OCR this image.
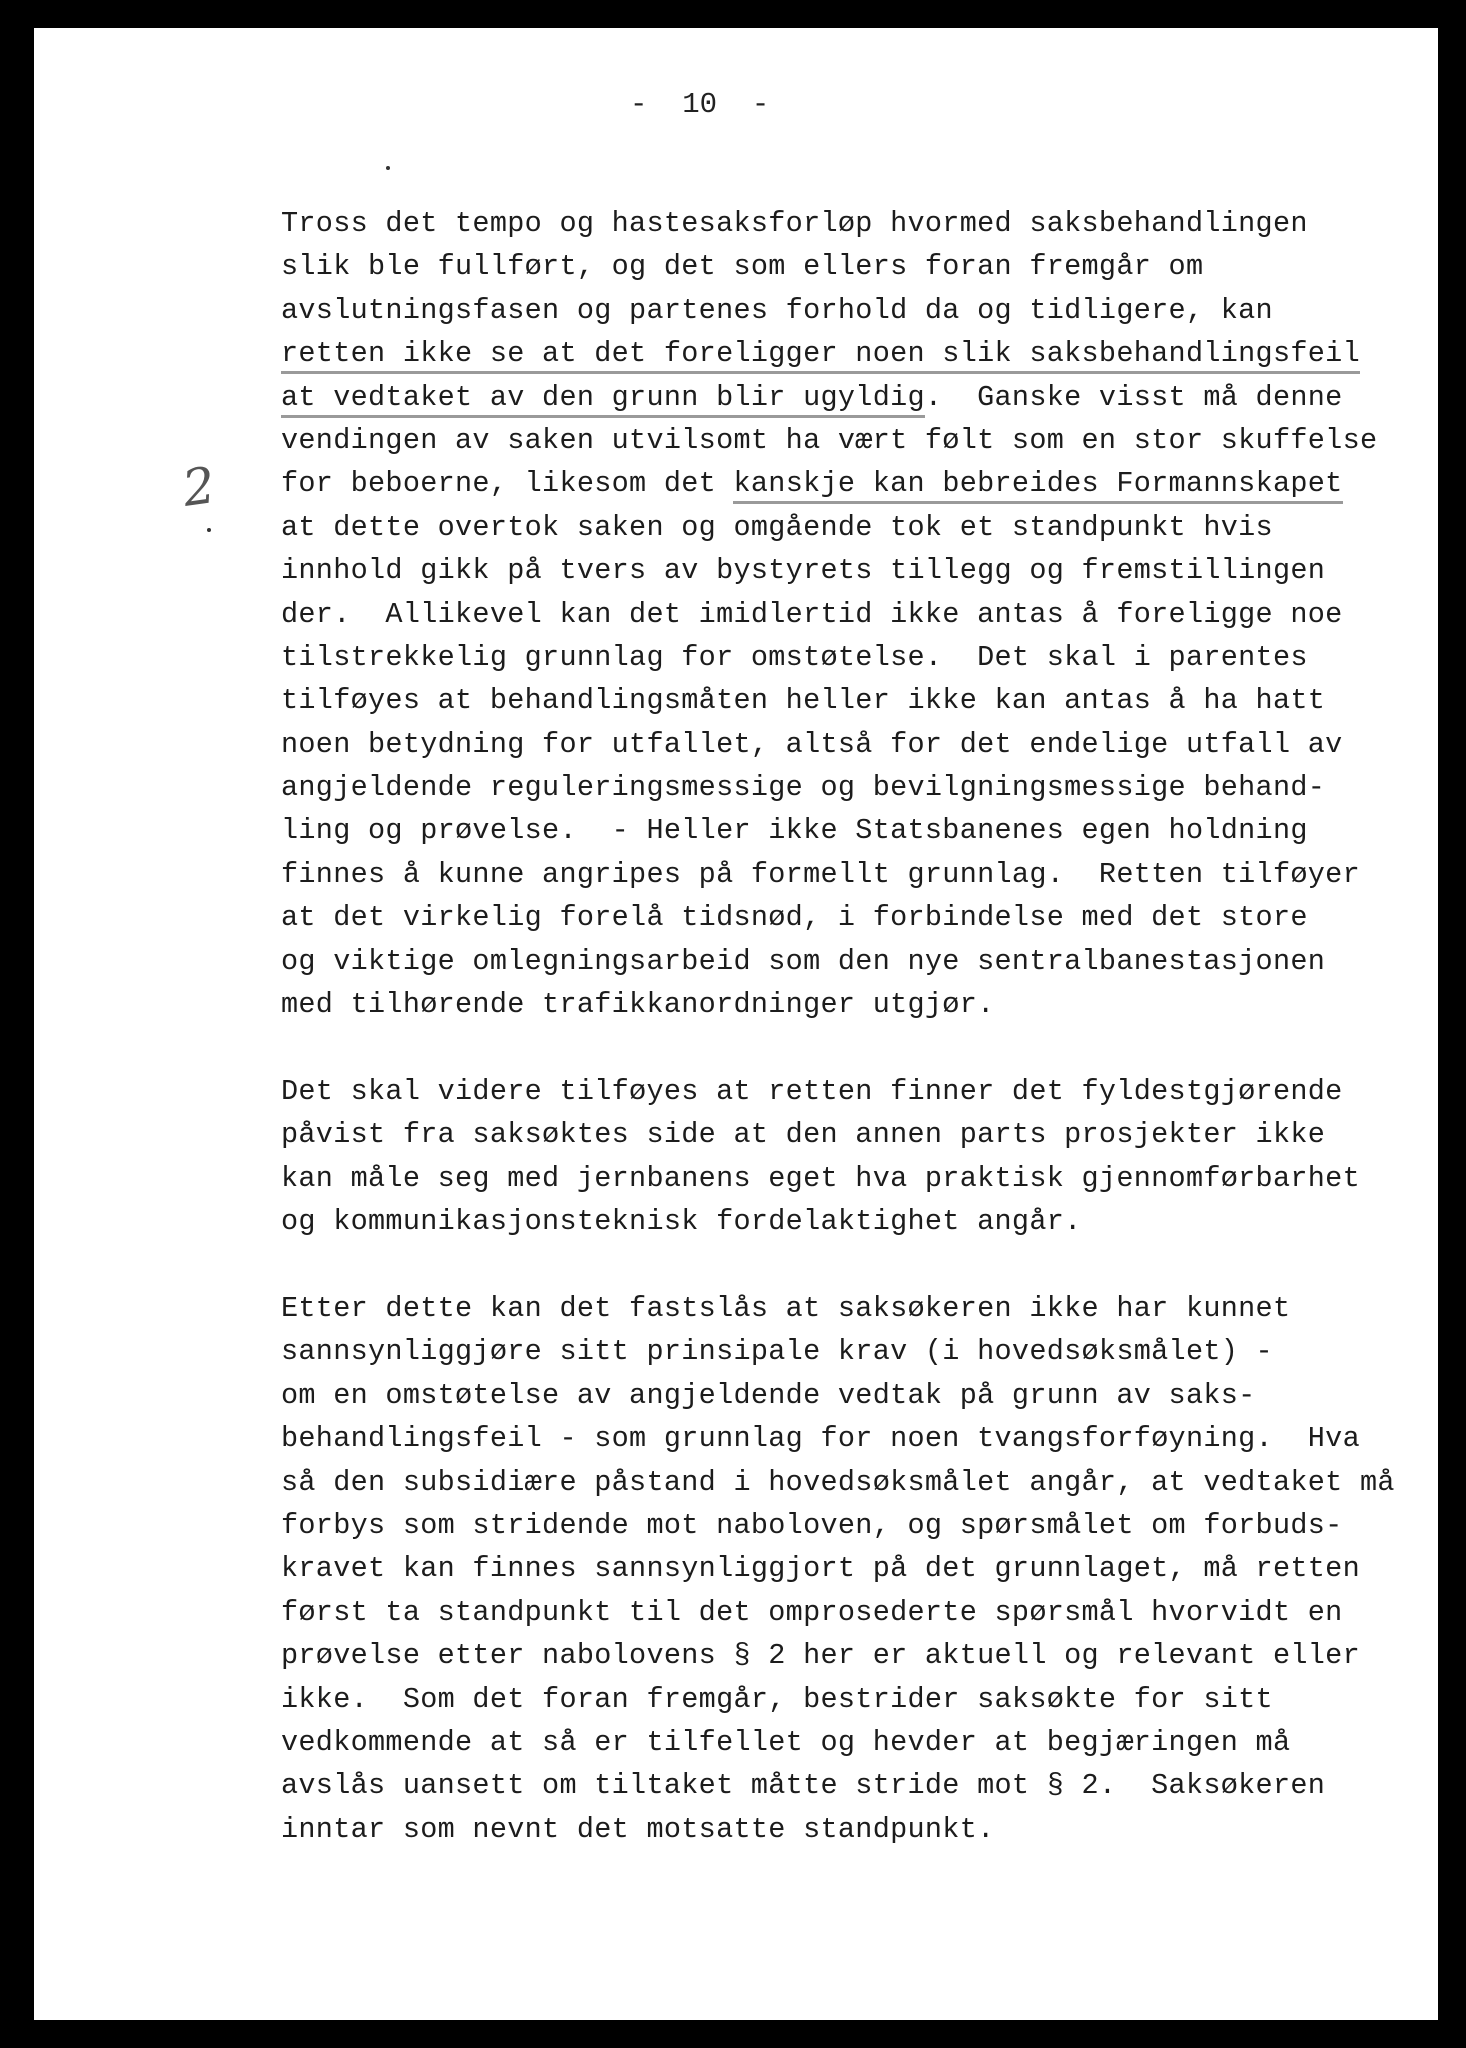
-  10  -
2
Tross det tempo og hastesaksforløp hvormed saksbehandlingen
slik ble fullført, og det som ellers foran fremgår om
avslutningsfasen og partenes forhold da og tidligere, kan
retten ikke se at det foreligger noen slik saksbehandlingsfeil
at vedtaket av den grunn blir ugyldig.  Ganske visst må denne
vendingen av saken utvilsomt ha vært følt som en stor skuffelse
for beboerne, likesom det kanskje kan bebreides Formannskapet
at dette overtok saken og omgående tok et standpunkt hvis
innhold gikk på tvers av bystyrets tillegg og fremstillingen
der.  Allikevel kan det imidlertid ikke antas å foreligge noe
tilstrekkelig grunnlag for omstøtelse.  Det skal i parentes
tilføyes at behandlingsmåten heller ikke kan antas å ha hatt
noen betydning for utfallet, altså for det endelige utfall av
angjeldende reguleringsmessige og bevilgningsmessige behand-
ling og prøvelse.  - Heller ikke Statsbanenes egen holdning
finnes å kunne angripes på formellt grunnlag.  Retten tilføyer
at det virkelig forelå tidsnød, i forbindelse med det store
og viktige omlegningsarbeid som den nye sentralbanestasjonen
med tilhørende trafikkanordninger utgjør.
Det skal videre tilføyes at retten finner det fyldestgjørende
påvist fra saksøktes side at den annen parts prosjekter ikke
kan måle seg med jernbanens eget hva praktisk gjennomførbarhet
og kommunikasjonsteknisk fordelaktighet angår.
Etter dette kan det fastslås at saksøkeren ikke har kunnet
sannsynliggjøre sitt prinsipale krav (i hovedsøksmålet) -
om en omstøtelse av angjeldende vedtak på grunn av saks-
behandlingsfeil - som grunnlag for noen tvangsforføyning.  Hva
så den subsidiære påstand i hovedsøksmålet angår, at vedtaket må
forbys som stridende mot naboloven, og spørsmålet om forbuds-
kravet kan finnes sannsynliggjort på det grunnlaget, må retten
først ta standpunkt til det omprosederte spørsmål hvorvidt en
prøvelse etter nabolovens § 2 her er aktuell og relevant eller
ikke.  Som det foran fremgår, bestrider saksøkte for sitt
vedkommende at så er tilfellet og hevder at begjæringen må
avslås uansett om tiltaket måtte stride mot § 2.  Saksøkeren
inntar som nevnt det motsatte standpunkt.
